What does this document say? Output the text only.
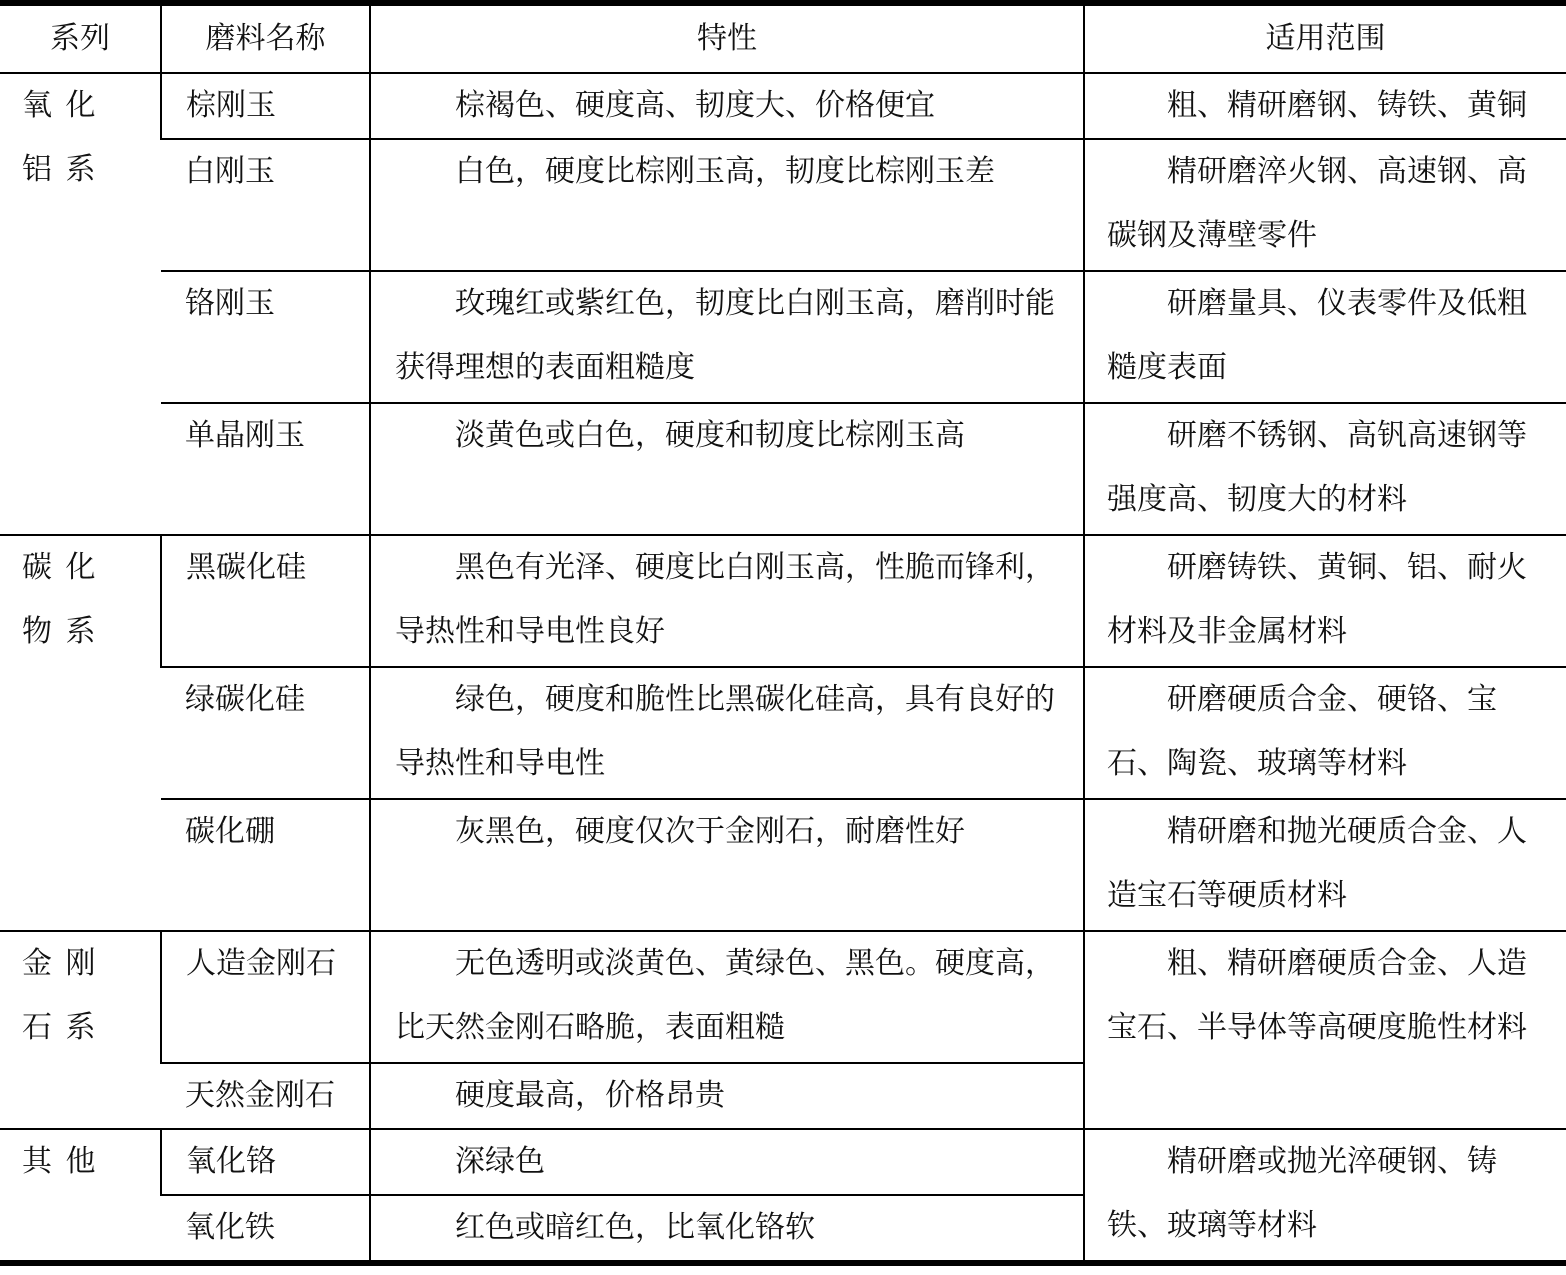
系列	磨料名称	特性	适用范围

氧化铝系	棕刚玉	棕褐色、硬度高、韧度大、价格便宜	粗、精研磨钢、铸铁、黄铜

	白刚玉	白色，硬度比棕刚玉高，韧度比棕刚玉差	精研磨淬火钢、高速钢、高碳钢及薄壁零件

	铬刚玉	玫瑰红或紫红色，韧度比白刚玉高，磨削时能获得理想的表面粗糙度	研磨量具、仪表零件及低粗糙度表面

	单晶刚玉	淡黄色或白色，硬度和韧度比棕刚玉高	研磨不锈钢、高钒高速钢等强度高、韧度大的材料

碳化物系	黑碳化硅	黑色有光泽、硬度比白刚玉高，性脆而锋利，导热性和导电性良好	研磨铸铁、黄铜、铝、耐火材料及非金属材料

	绿碳化硅	绿色，硬度和脆性比黑碳化硅高，具有良好的导热性和导电性	研磨硬质合金、硬铬、宝石、陶瓷、玻璃等材料

	碳化硼	灰黑色，硬度仅次于金刚石，耐磨性好	精研磨和抛光硬质合金、人造宝石等硬质材料

金刚石系	人造金刚石	无色透明或淡黄色、黄绿色、黑色。硬度高，比天然金刚石略脆，表面粗糙	粗、精研磨硬质合金、人造宝石、半导体等高硬度脆性材料

	天然金刚石	硬度最高，价格昂贵	

其他	氧化铬	深绿色	精研磨或抛光淬硬钢、铸铁、玻璃等材料

	氧化铁	红色或暗红色，比氧化铬软	
